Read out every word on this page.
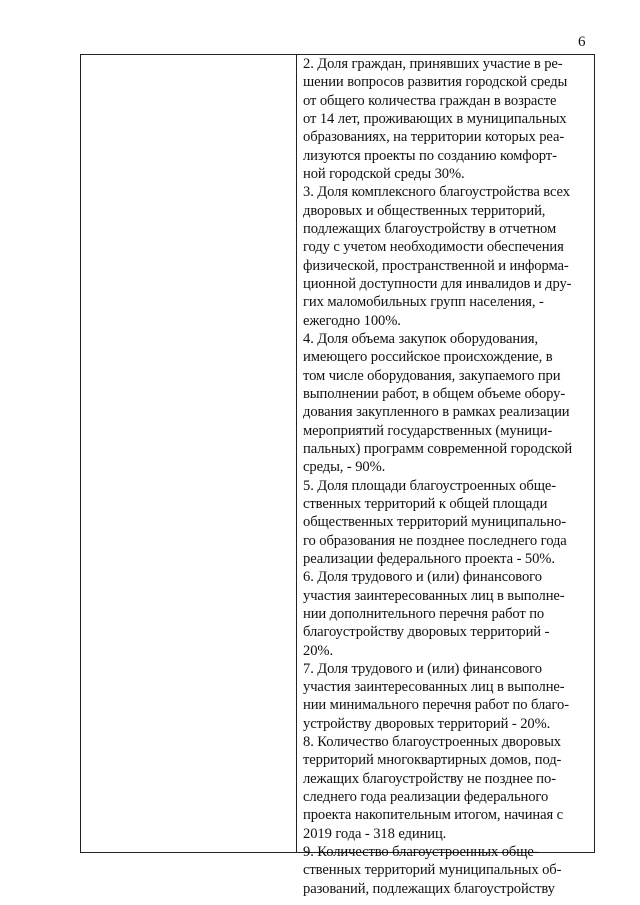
6
2. Доля граждан, принявших участие в ре-
шении вопросов развития городской среды
от общего количества граждан в возрасте
от 14 лет, проживающих в муниципальных
образованиях, на территории которых реа-
лизуются проекты по созданию комфорт-
ной городской среды 30%.
3. Доля комплексного благоустройства всех
дворовых и общественных территорий,
подлежащих благоустройству в отчетном
году с учетом необходимости обеспечения
физической, пространственной и информа-
ционной доступности для инвалидов и дру-
гих маломобильных групп населения, -
ежегодно 100%.
4. Доля объема закупок оборудования,
имеющего российское происхождение, в
том числе оборудования, закупаемого при
выполнении работ, в общем объеме обору-
дования закупленного в рамках реализации
мероприятий государственных (муници-
пальных) программ современной городской
среды, - 90%.
5. Доля площади благоустроенных обще-
ственных территорий к общей площади
общественных территорий муниципально-
го образования не позднее последнего года
реализации федерального проекта - 50%.
6. Доля трудового и (или) финансового
участия заинтересованных лиц в выполне-
нии дополнительного перечня работ по
благоустройству дворовых территорий -
20%.
7. Доля трудового и (или) финансового
участия заинтересованных лиц в выполне-
нии минимального перечня работ по благо-
устройству дворовых территорий - 20%.
8. Количество благоустроенных дворовых
территорий многоквартирных домов, под-
лежащих благоустройству не позднее по-
следнего года реализации федерального
проекта накопительным итогом, начиная с
2019 года - 318 единиц.
9. Количество благоустроенных обще-
ственных территорий муниципальных об-
разований, подлежащих благоустройству
